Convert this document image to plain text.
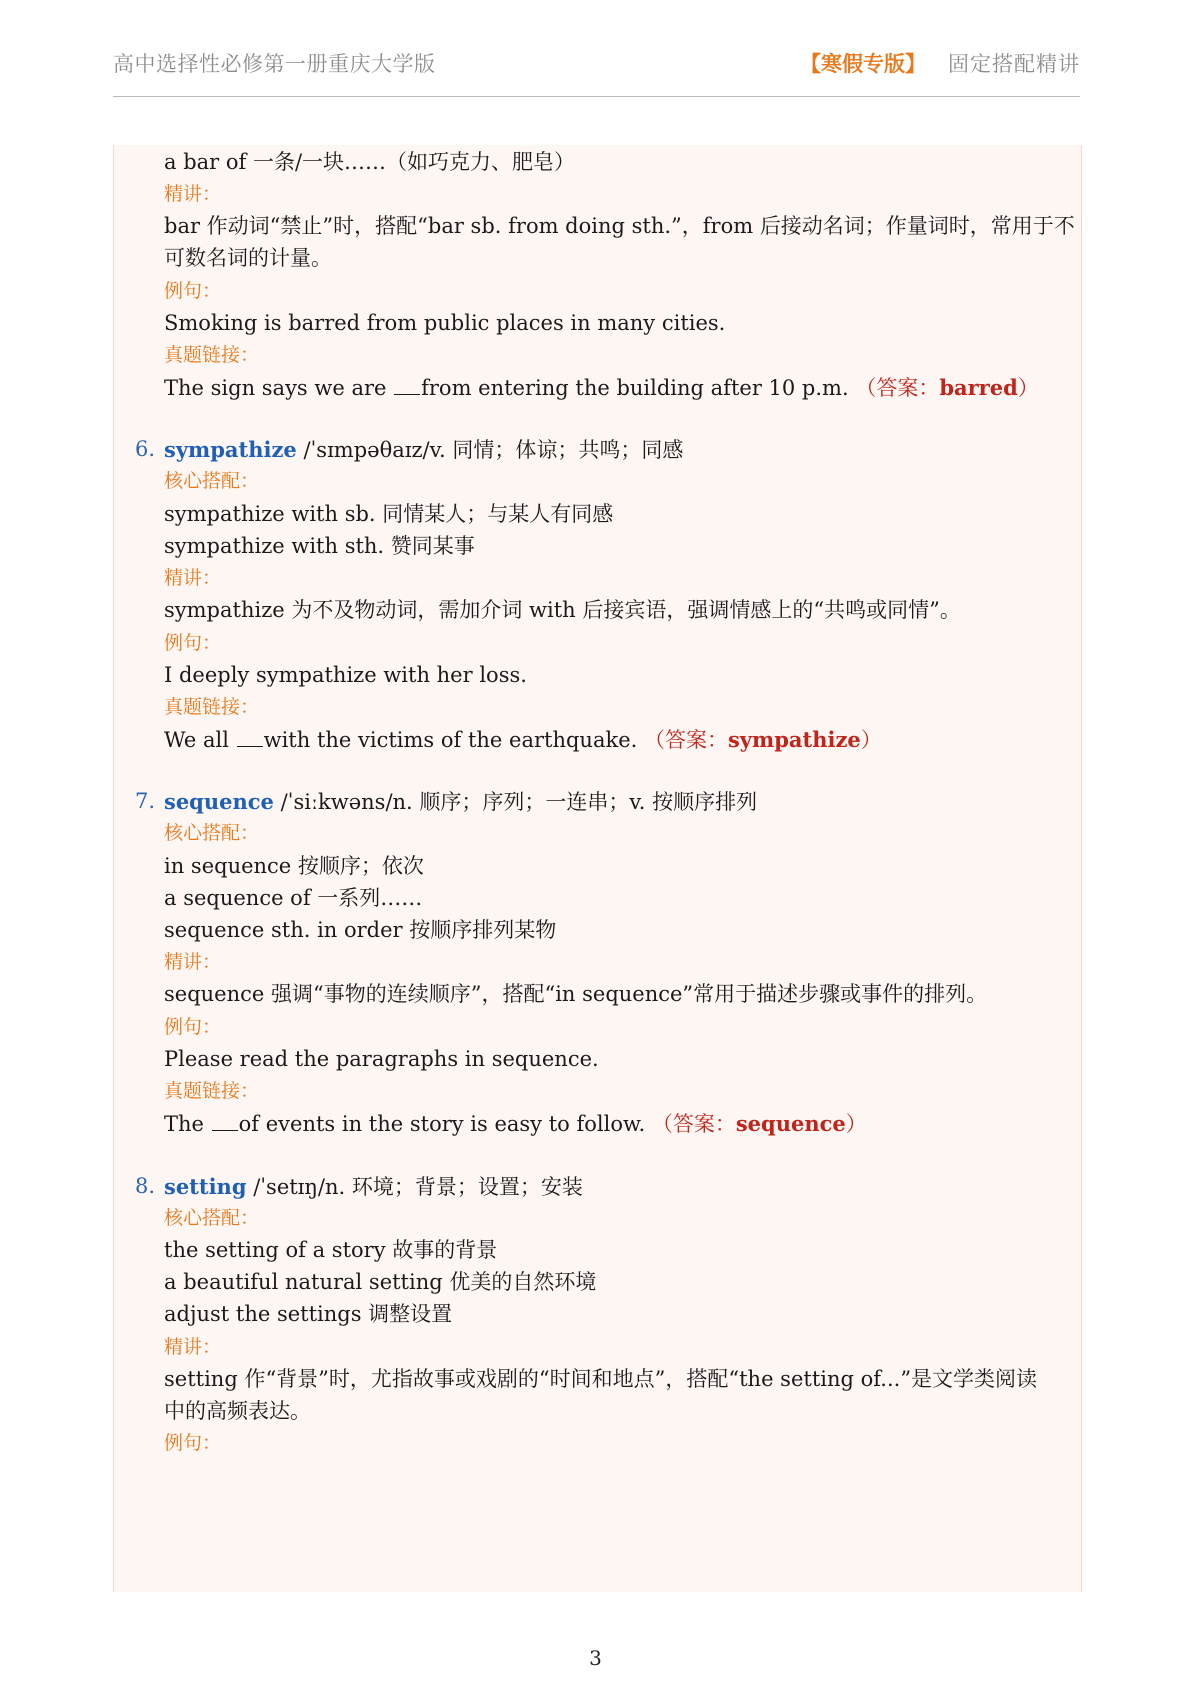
高中选择性必修第一册重庆大学版	【寒假专版】 固定搭配精讲
a bar of 一条/一块……（如巧克力、肥皂）
精讲：
bar 作动词“禁止”时，搭配“bar sb. from doing sth.”，from 后接动名词；作量词时，常用于不
可数名词的计量。
例句：
Smoking is barred from public places in many cities.
真题链接：
The sign says we are from entering the building after 10 p.m. （答案：barred）
6. sympathize /ˈsɪmpəθaɪz/v. 同情；体谅；共鸣；同感
核心搭配：
sympathize with sb. 同情某人；与某人有同感
sympathize with sth. 赞同某事
精讲：
sympathize 为不及物动词，需加介词 with 后接宾语，强调情感上的“共鸣或同情”。
例句：
I deeply sympathize with her loss.
真题链接：
We all with the victims of the earthquake. （答案：sympathize）
7. sequence /ˈsiːkwəns/n. 顺序；序列；一连串；v. 按顺序排列
核心搭配：
in sequence 按顺序；依次
a sequence of 一系列……
sequence sth. in order 按顺序排列某物
精讲：
sequence 强调“事物的连续顺序”，搭配“in sequence”常用于描述步骤或事件的排列。
例句：
Please read the paragraphs in sequence.
真题链接：
The of events in the story is easy to follow. （答案：sequence）
8. setting /ˈsetɪŋ/n. 环境；背景；设置；安装
核心搭配：
the setting of a story 故事的背景
a beautiful natural setting 优美的自然环境
adjust the settings 调整设置
精讲：
setting 作“背景”时，尤指故事或戏剧的“时间和地点”，搭配“the setting of...”是文学类阅读
中的高频表达。
例句：
3
